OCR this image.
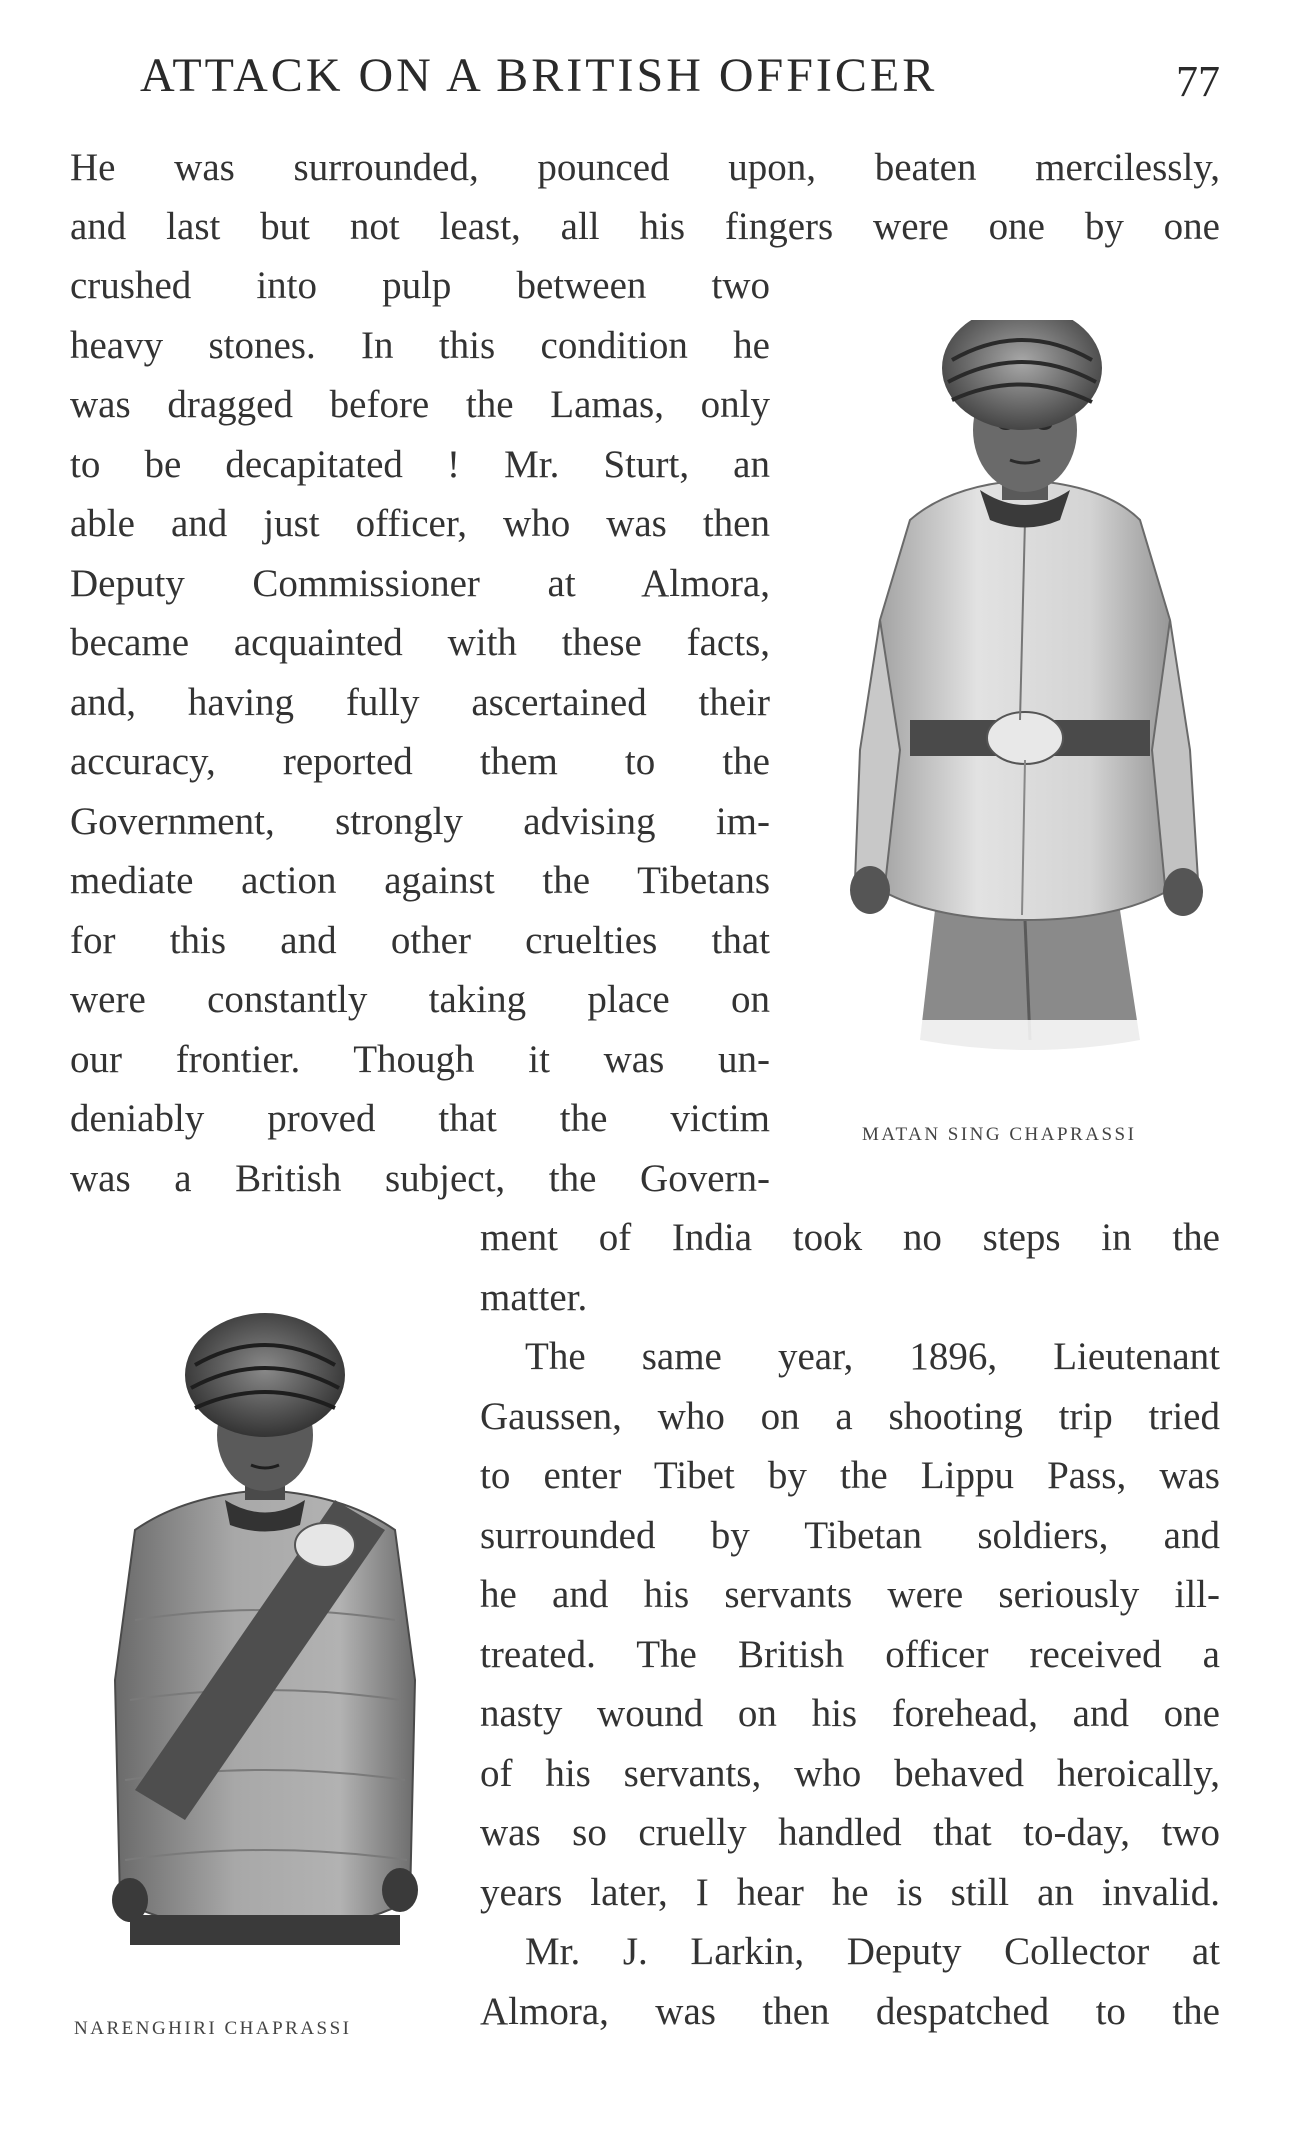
ATTACK ON A BRITISH OFFICER	77
He was surrounded, pounced upon, beaten mercilessly,
and last but not least, all his fingers were one by one
crushed into pulp between two
heavy stones. In this condition he
was dragged before the Lamas, only
to be decapitated ! Mr. Sturt, an
able and just officer, who was then
Deputy Commissioner at Almora,
became acquainted with these facts,
and, having fully ascertained their
accuracy, reported them to the
Government, strongly advising im-
mediate action against the Tibetans
for this and other cruelties that
were constantly taking place on
our frontier. Though it was un-
deniably proved that the victim
was a British subject, the Govern-
ment of India took no steps in the
matter.
The same year, 1896, Lieutenant
Gaussen, who on a shooting trip tried
to enter Tibet by the Lippu Pass, was
surrounded by Tibetan soldiers, and
he and his servants were seriously ill-
treated. The British officer received a
nasty wound on his forehead, and one
of his servants, who behaved heroically,
was so cruelly handled that to-day, two
years later, I hear he is still an invalid.
Mr. J. Larkin, Deputy Collector at
Almora, was then despatched to the
MATAN SING CHAPRASSI
NARENGHIRI CHAPRASSI
